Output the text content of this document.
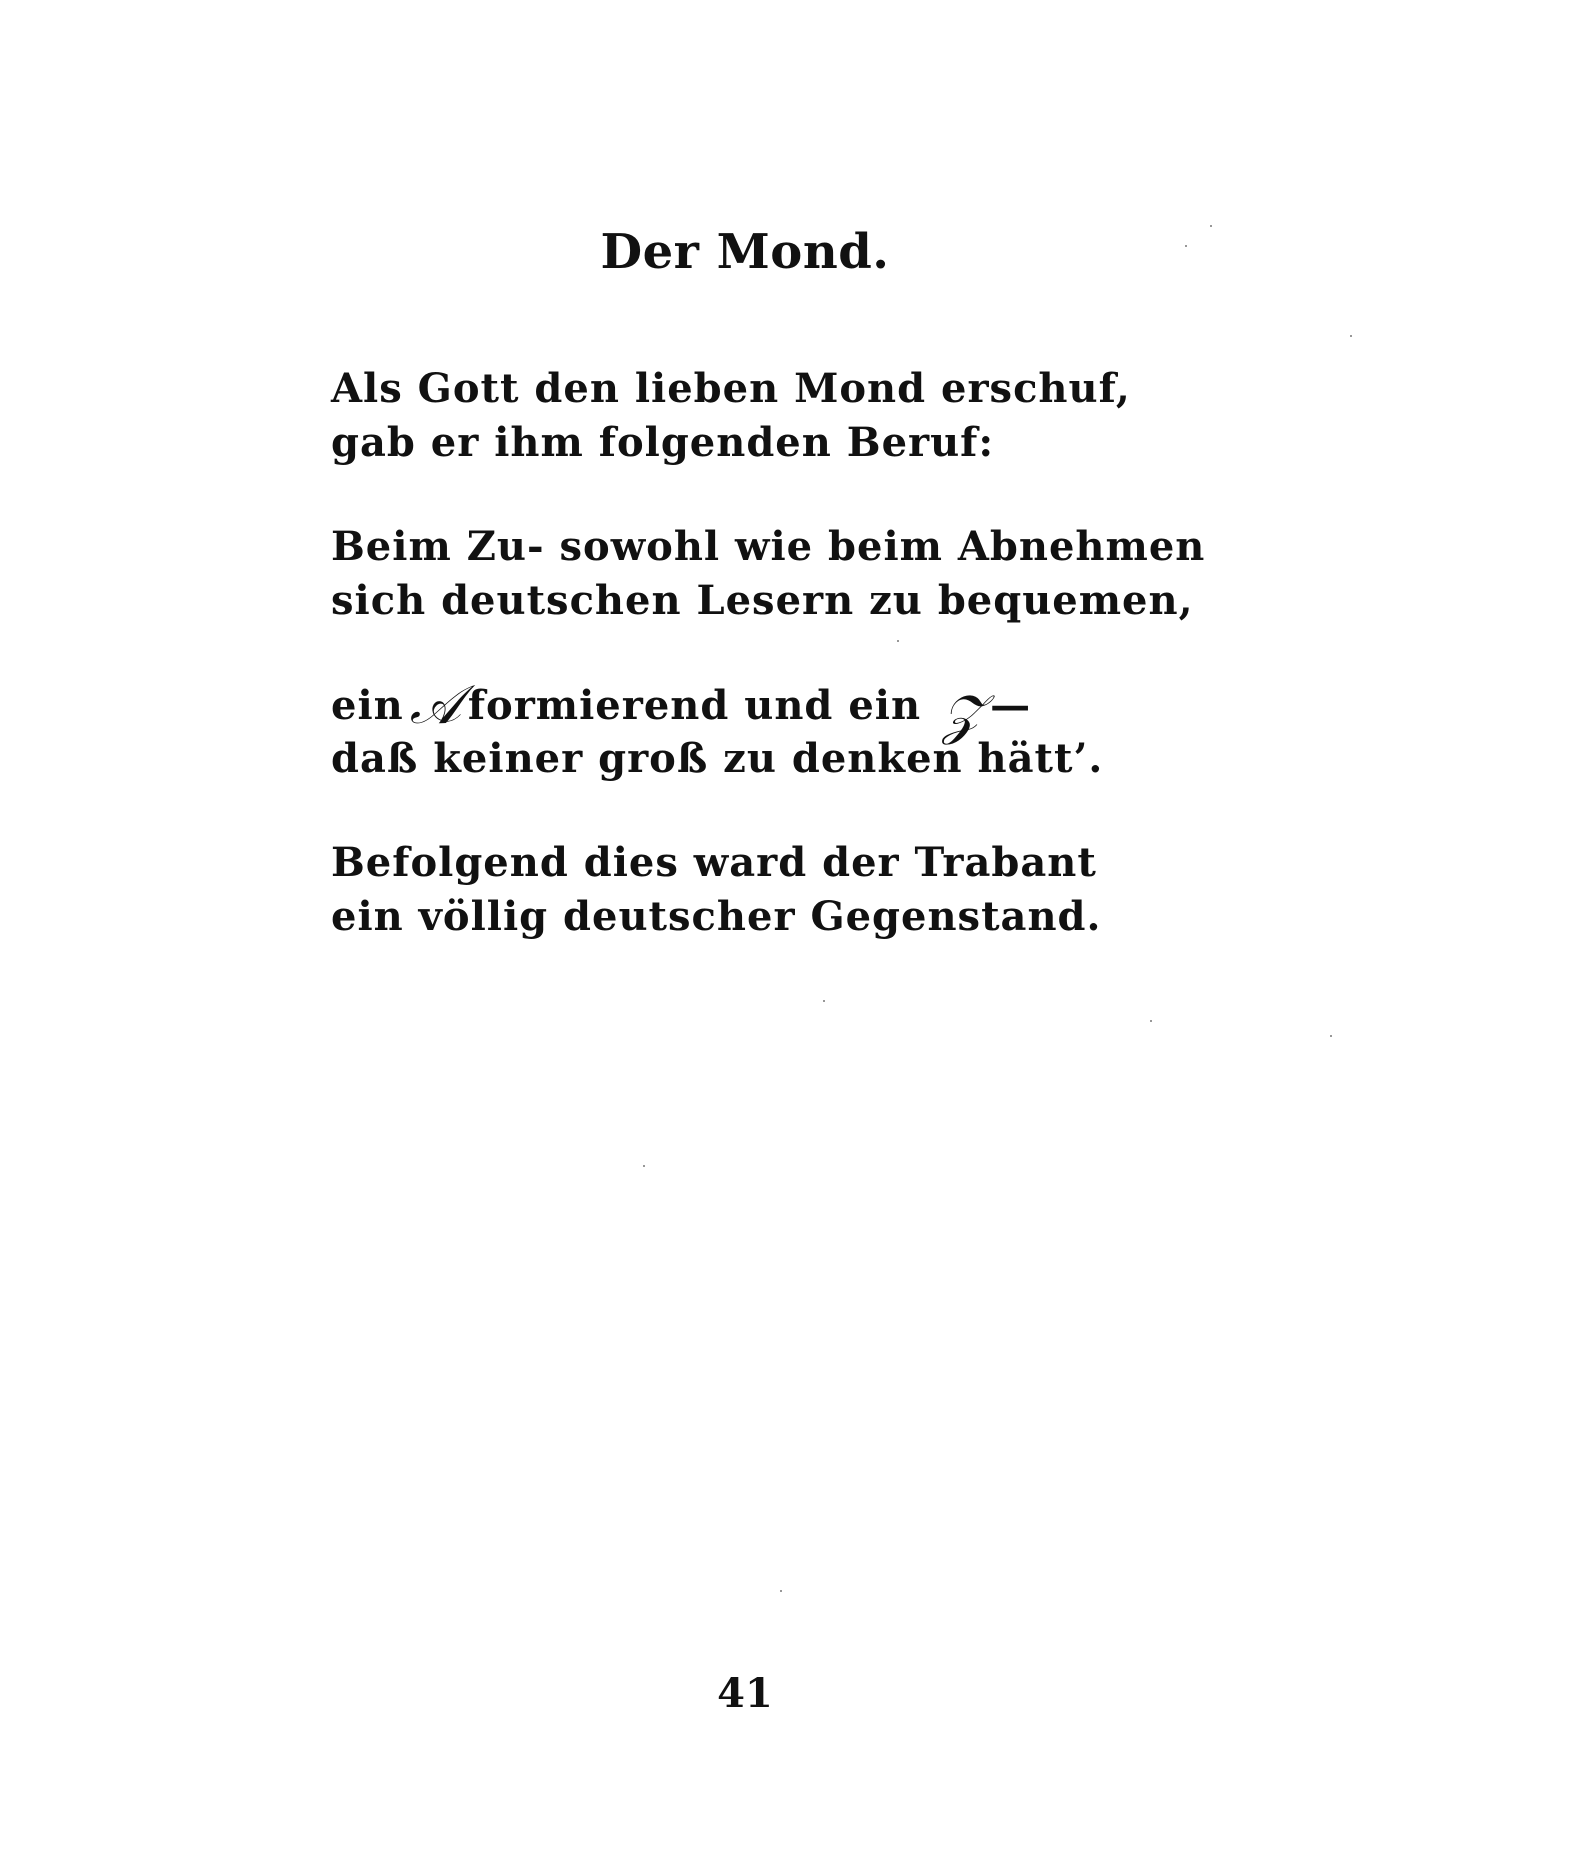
Der Mond.
Als Gott den lieben Mond erschuf,
gab er ihm folgenden Beruf:
Beim Zu- sowohl wie beim Abnehmen
sich deutschen Lesern zu bequemen,
ein 𝒜 formierend und ein 𝒵 —
daß keiner groß zu denken hätt’.
Befolgend dies ward der Trabant
ein völlig deutscher Gegenstand.
41
